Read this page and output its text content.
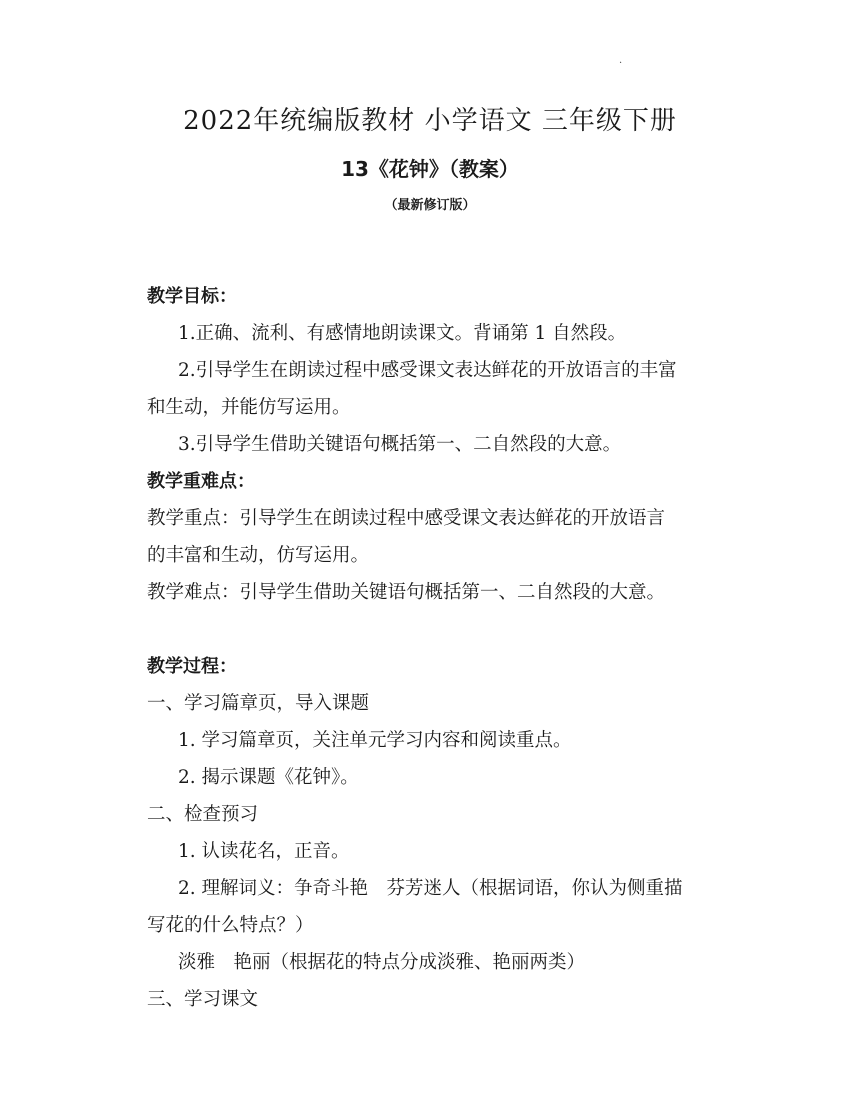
·
2022年统编版教材 小学语文 三年级下册
13《花钟》（教案）
（最新修订版）
教学目标：
1.正确、流利、有感情地朗读课文。背诵第 1 自然段。
2.引导学生在朗读过程中感受课文表达鲜花的开放语言的丰富
和生动，并能仿写运用。
3.引导学生借助关键语句概括第一、二自然段的大意。
教学重难点：
教学重点：引导学生在朗读过程中感受课文表达鲜花的开放语言
的丰富和生动，仿写运用。
教学难点：引导学生借助关键语句概括第一、二自然段的大意。
教学过程：
一、学习篇章页，导入课题
1. 学习篇章页，关注单元学习内容和阅读重点。
2. 揭示课题《花钟》。
二、检查预习
1. 认读花名，正音。
2. 理解词义：争奇斗艳　芬芳迷人（根据词语，你认为侧重描
写花的什么特点？）
淡雅　艳丽（根据花的特点分成淡雅、艳丽两类）
三、学习课文
